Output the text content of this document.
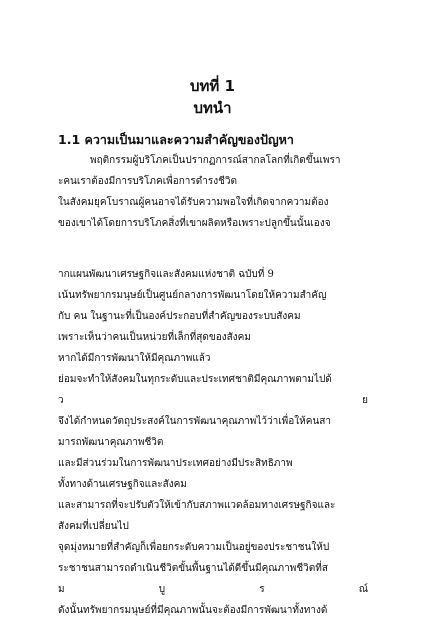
บทที่ 1
บทนำ
1.1 ความเป็นมาและความสำคัญของปัญหา
พฤติกรรมผู้บริโภคเป็นปรากฏการณ์สากลโลกที่เกิดขึ้นเพรา
ะคนเราต้องมีการบริโภคเพื่อการดำรงชีวิต
ในสังคมยุคโบราณผู้คนอาจได้รับความพอใจที่เกิดจากความต้อง
ของเขาได้โดยการบริโภคสิ่งที่เขาผลิตหรือเพราะปลูกขึ้นนั้นเองจ
ากแผนพัฒนาเศรษฐกิจและสังคมแห่งชาติ ฉบับที่ 9
เน้นทรัพยากรมนุษย์เป็นศูนย์กลางการพัฒนาโดยให้ความสำคัญ
กับ คน ในฐานะที่เป็นองค์ประกอบที่สำคัญของระบบสังคม
เพราะเห็นว่าคนเป็นหน่วยที่เล็กที่สุดของสังคม
หากได้มีการพัฒนาให้มีคุณภาพแล้ว
ย่อมจะทำให้สังคมในทุกระดับและประเทศชาติมีคุณภาพตามไปด้
ว ย
จึงได้กำหนดวัตถุประสงค์ในการพัฒนาคุณภาพไว้ว่าเพื่อให้คนสา
มารถพัฒนาคุณภาพชีวิต
และมีส่วนร่วมในการพัฒนาประเทศอย่างมีประสิทธิภาพ
ทั้งทางด้านเศรษฐกิจและสังคม
และสามารถที่จะปรับตัวให้เข้ากับสภาพแวดล้อมทางเศรษฐกิจและ
สังคมที่เปลี่ยนไป
จุดมุ่งหมายที่สำคัญก็เพื่อยกระดับความเป็นอยู่ของประชาชนให้ป
ระชาชนสามารถดำเนินชีวิตขั้นพื้นฐานได้ดีขึ้นมีคุณภาพชีวิตที่ส
ม บู ร ณ์
ดังนั้นทรัพยากรมนุษย์ที่มีคุณภาพนั้นจะต้องมีการพัฒนาทั้งทางด้
